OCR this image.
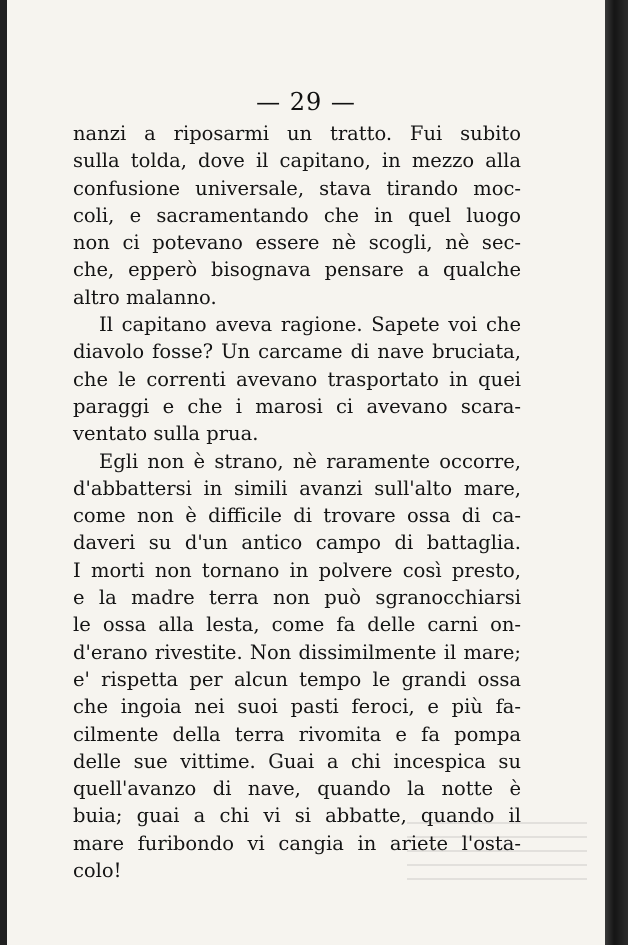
— 29 —
nanzi a riposarmi un tratto. Fui subito
sulla tolda, dove il capitano, in mezzo alla
confusione universale, stava tirando moc-
coli, e sacramentando che in quel luogo
non ci potevano essere nè scogli, nè sec-
che, epperò bisognava pensare a qualche
altro malanno.
Il capitano aveva ragione. Sapete voi che
diavolo fosse? Un carcame di nave bruciata,
che le correnti avevano trasportato in quei
paraggi e che i marosi ci avevano scara-
ventato sulla prua.
Egli non è strano, nè raramente occorre,
d'abbattersi in simili avanzi sull'alto mare,
come non è difficile di trovare ossa di ca-
daveri su d'un antico campo di battaglia.
I morti non tornano in polvere così presto,
e la madre terra non può sgranocchiarsi
le ossa alla lesta, come fa delle carni on-
d'erano rivestite. Non dissimilmente il mare;
e' rispetta per alcun tempo le grandi ossa
che ingoia nei suoi pasti feroci, e più fa-
cilmente della terra rivomita e fa pompa
delle sue vittime. Guai a chi incespica su
quell'avanzo di nave, quando la notte è
buia; guai a chi vi si abbatte, quando il
mare furibondo vi cangia in ariete l'osta-
colo!
